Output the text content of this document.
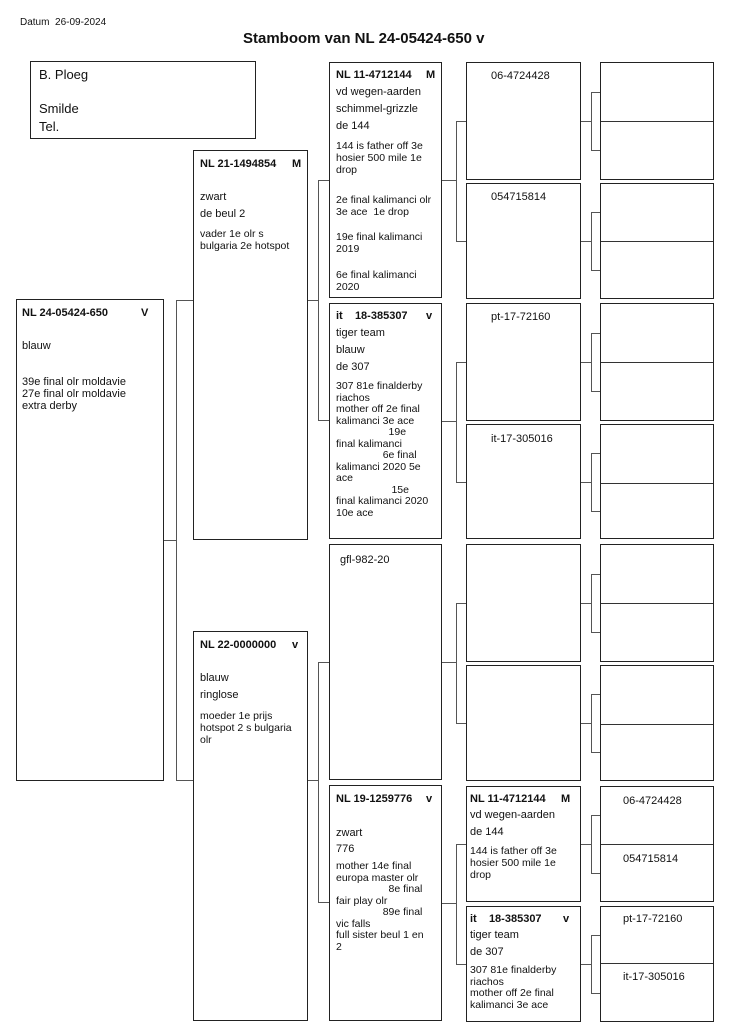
Datum  26-09-2024
Stamboom van NL 24-05424-650 v
B. Ploeg
Smilde
Tel.
NL 24-05424-650	V
blauw
39e final olr moldavie
27e final olr moldavie
extra derby
NL 21-1494854 M
zwart
de beul 2
vader 1e olr s
bulgaria 2e hotspot
NL 22-0000000 v
blauw
ringlose
moeder 1e prijs
hotspot 2 s bulgaria
olr
NL 11-4712144 M
vd wegen-aarden
schimmel-grizzle
de 144
144 is father off 3e
hosier 500 mile 1e
drop
2e final kalimanci olr
3e ace  1e drop
19e final kalimanci
2019
6e final kalimanci
2020
it    18-385307 v
tiger team
blauw
de 307
307 81e finalderby
riachos
mother off 2e final
kalimanci 3e ace
19e
final kalimanci
6e final
kalimanci 2020 5e
ace
15e
final kalimanci 2020
10e ace
gfl-982-20
NL 19-1259776 v
zwart
776
mother 14e final
europa master olr
8e final
fair play olr
89e final
vic falls
full sister beul 1 en
2
06-4724428
054715814
pt-17-72160
it-17-305016
NL 11-4712144 M
vd wegen-aarden
de 144
144 is father off 3e
hosier 500 mile 1e
drop
it    18-385307 v
tiger team
de 307
307 81e finalderby
riachos
mother off 2e final
kalimanci 3e ace
06-4724428
054715814
pt-17-72160
it-17-305016
